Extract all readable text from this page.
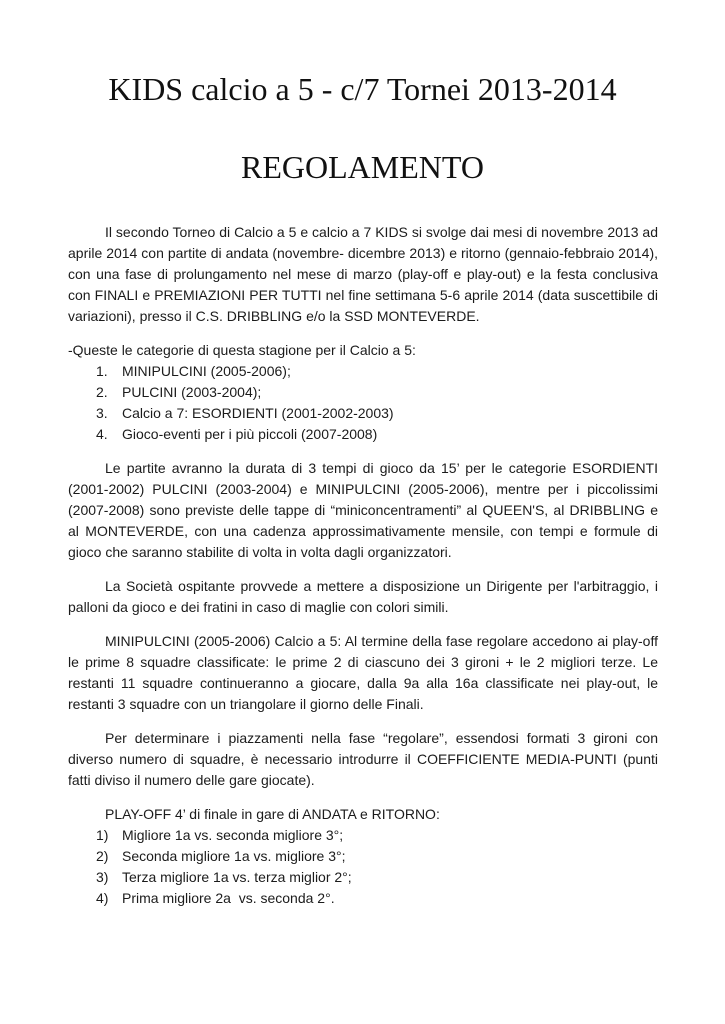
KIDS calcio a 5 - c/7 Tornei 2013-2014
REGOLAMENTO

Il secondo Torneo di Calcio a 5 e calcio a 7 KIDS si svolge dai mesi di novembre 2013 ad aprile 2014 con partite di andata (novembre- dicembre 2013) e ritorno (gennaio-febbraio 2014), con una fase di prolungamento nel mese di marzo (play-off e play-out) e la festa conclusiva con FINALI e PREMIAZIONI PER TUTTI nel fine settimana 5-6 aprile 2014 (data suscettibile di variazioni), presso il C.S. DRIBBLING e/o la SSD MONTEVERDE.

-Queste le categorie di questa stagione per il Calcio a 5:

1.	MINIPULCINI (2005-2006);
2.	PULCINI (2003-2004);
3.	Calcio a 7: ESORDIENTI (2001-2002-2003)
4.	Gioco-eventi per i più piccoli (2007-2008)

Le partite avranno la durata di 3 tempi di gioco da 15’ per le categorie ESORDIENTI (2001-2002) PULCINI (2003-2004) e MINIPULCINI (2005-2006), mentre per i piccolissimi (2007-2008) sono previste delle tappe di “miniconcentramenti” al QUEEN'S, al DRIBBLING e al MONTEVERDE, con una cadenza approssimativamente mensile, con tempi e formule di gioco che saranno stabilite di volta in volta dagli organizzatori.

La Società ospitante provvede a mettere a disposizione un Dirigente per l'arbitraggio, i palloni da gioco e dei fratini in caso di maglie con colori simili.

MINIPULCINI (2005-2006) Calcio a 5: Al termine della fase regolare accedono ai play-off  le prime 8 squadre classificate: le prime 2 di ciascuno dei 3 gironi + le 2 migliori terze. Le restanti 11 squadre continueranno a giocare, dalla 9a alla 16a classificate nei play-out, le restanti 3 squadre con un triangolare il giorno delle Finali.

Per determinare i piazzamenti nella fase “regolare”, essendosi formati 3 gironi con diverso numero di squadre, è necessario introdurre il COEFFICIENTE MEDIA-PUNTI (punti fatti diviso il numero delle gare giocate).

PLAY-OFF 4’ di finale in gare di ANDATA e RITORNO:

1) Migliore 1a vs. seconda migliore 3°;
2) Seconda migliore 1a vs. migliore 3°;
3) Terza migliore 1a vs. terza miglior 2°;
4) Prima migliore 2a  vs. seconda 2°.
